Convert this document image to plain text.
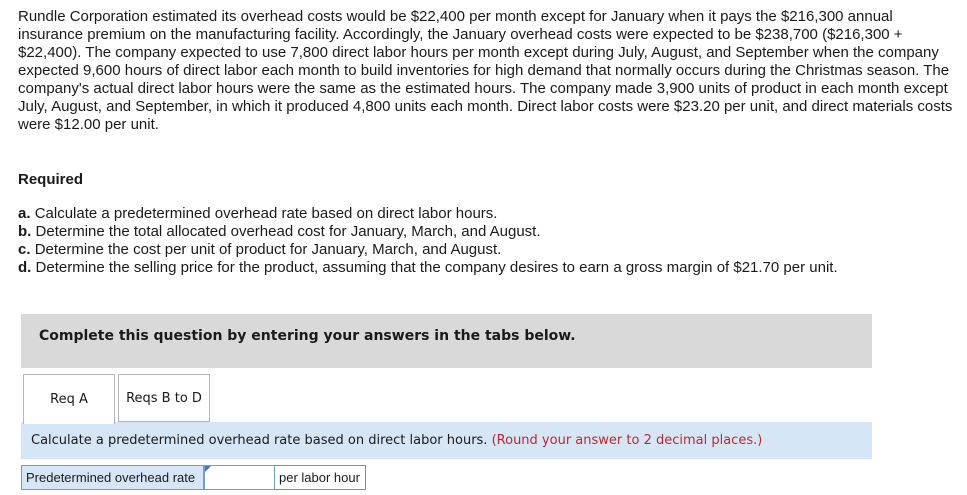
Rundle Corporation estimated its overhead costs would be $22,400 per month except for January when it pays the $216,300 annual insurance premium on the manufacturing facility. Accordingly, the January overhead costs were expected to be $238,700 ($216,300 + $22,400). The company expected to use 7,800 direct labor hours per month except during July, August, and September when the company expected 9,600 hours of direct labor each month to build inventories for high demand that normally occurs during the Christmas season. The company's actual direct labor hours were the same as the estimated hours. The company made 3,900 units of product in each month except July, August, and September, in which it produced 4,800 units each month. Direct labor costs were $23.20 per unit, and direct materials costs were $12.00 per unit.

Required

a. Calculate a predetermined overhead rate based on direct labor hours.
b. Determine the total allocated overhead cost for January, March, and August.
c. Determine the cost per unit of product for January, March, and August.
d. Determine the selling price for the product, assuming that the company desires to earn a gross margin of $21.70 per unit.
Complete this question by entering your answers in the tabs below.
Req A	Reqs B to D
Calculate a predetermined overhead rate based on direct labor hours. (Round your answer to 2 decimal places.)
Predetermined overhead rate	per labor hour
